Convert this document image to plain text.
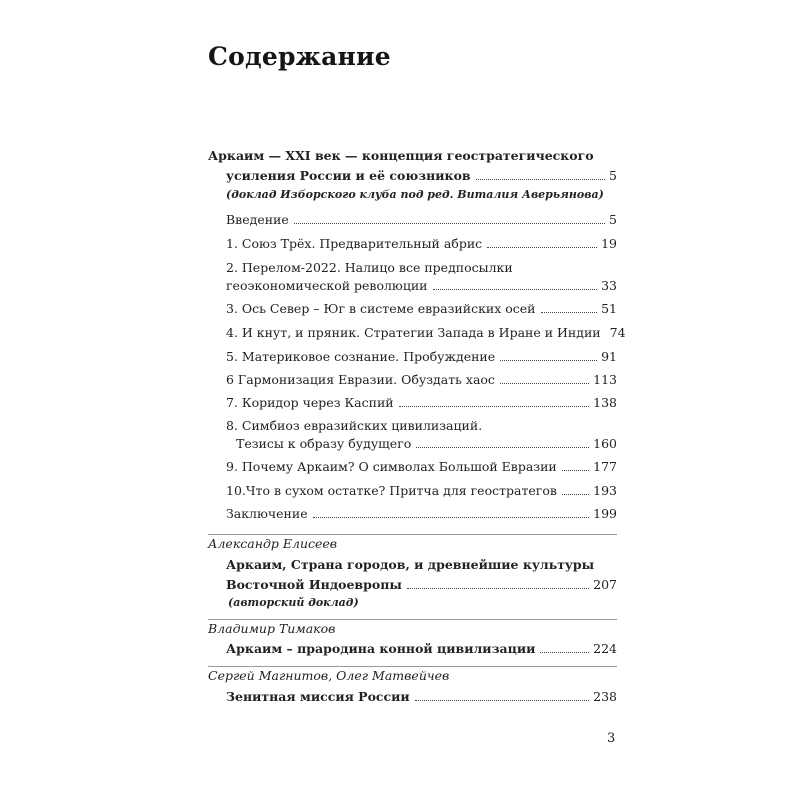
Содержание
Аркаим — XXI век — концепция геостратегического
усиления России и её союзников	5
(доклад Изборского клуба под ред. Виталия Аверьянова)
Введение	5
1. Союз Трёх. Предварительный абрис	19
2. Перелом-2022. Налицо все предпосылки
геоэкономической революции	33
3. Ось Север – Юг в системе евразийских осей	51
4. И кнут, и пряник. Стратегии Запада в Иране и Индии 74
5. Материковое сознание. Пробуждение	91
6 Гармонизация Евразии. Обуздать хаос	113
7. Коридор через Каспий	138
8. Симбиоз евразийских цивилизаций.
Тезисы к образу будущего	160
9. Почему Аркаим? О символах Большой Евразии	177
10.Что в сухом остатке? Притча для геостратегов	193
Заключение	199
Александр Елисеев
Аркаим, Страна городов, и древнейшие культуры
Восточной Индоевропы	207
(авторский доклад)
Владимир Тимаков
Аркаим – прародина конной цивилизации	224
Сергей Магнитов, Олег Матвейчев
Зенитная миссия России	238
3
